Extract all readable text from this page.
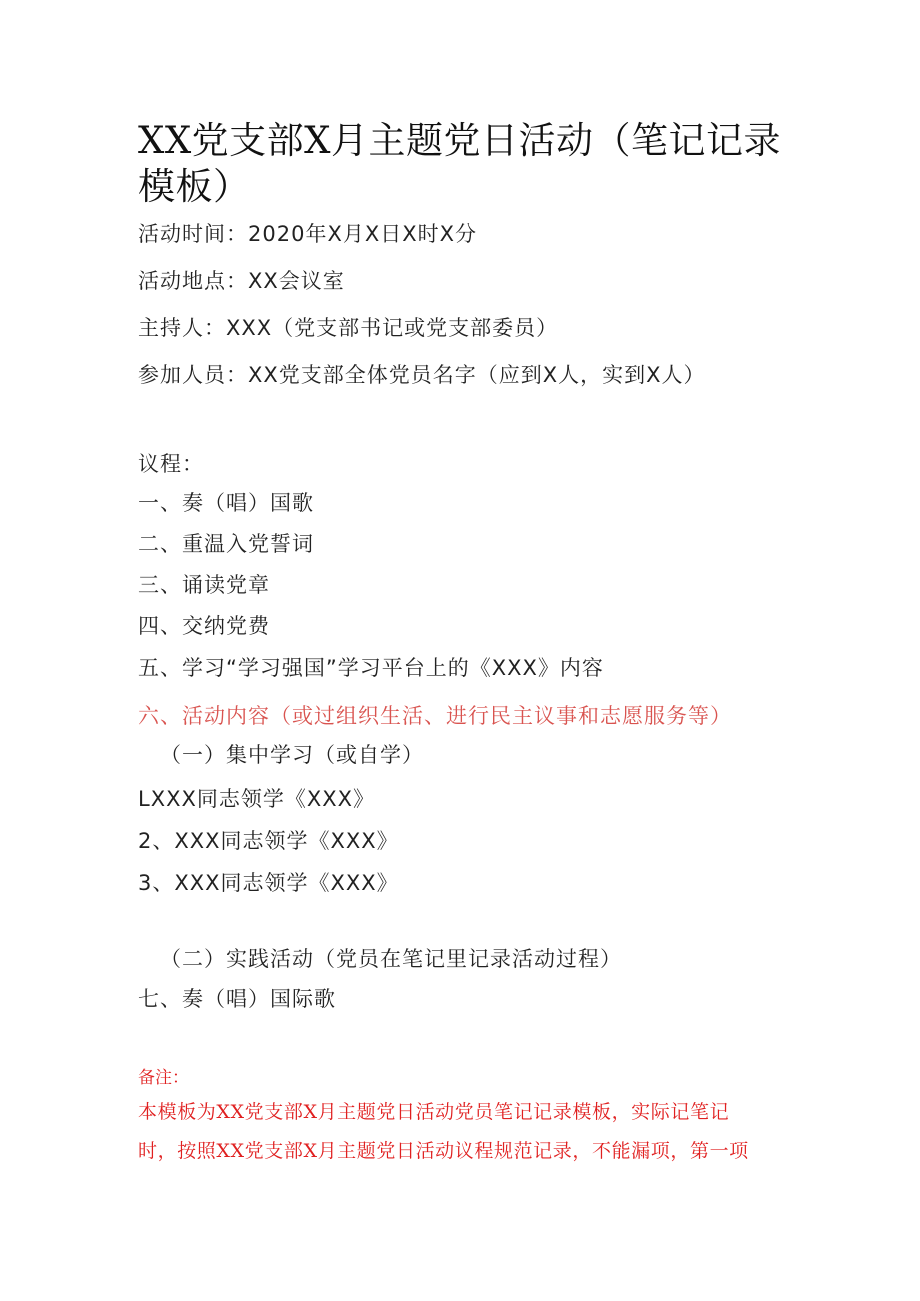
XX党支部X月主题党日活动（笔记记录模板）
活动时间：2020年X月X日X时X分
活动地点：XX会议室
主持人：XXX（党支部书记或党支部委员）
参加人员：XX党支部全体党员名字（应到X人，实到X人）
议程：
一、奏（唱）国歌
二、重温入党誓词
三、诵读党章
四、交纳党费
五、学习“学习强国”学习平台上的《XXX》内容
六、活动内容（或过组织生活、进行民主议事和志愿服务等）
（一）集中学习（或自学）
LXXX同志领学《XXX》
2、XXX同志领学《XXX》
3、XXX同志领学《XXX》
（二）实践活动（党员在笔记里记录活动过程）
七、奏（唱）国际歌
备注：
本模板为XX党支部X月主题党日活动党员笔记记录模板，实际记笔记
时，按照XX党支部X月主题党日活动议程规范记录，不能漏项，第一项
